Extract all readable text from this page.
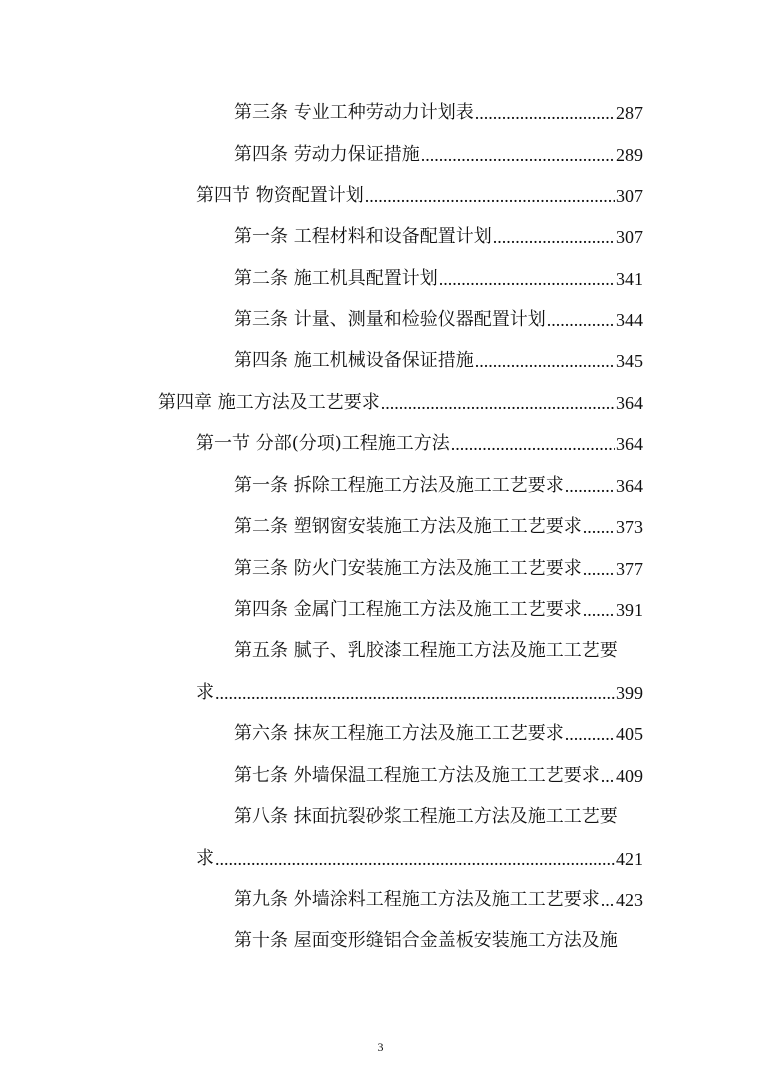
第三条 专业工种劳动力计划表 .....	287
第四条 劳动力保证措施 .....	289
第四节 物资配置计划 .....	307
第一条 工程材料和设备配置计划 .....	307
第二条 施工机具配置计划 .....	341
第三条 计量、测量和检验仪器配置计划 .....	344
第四条 施工机械设备保证措施 .....	345
第四章 施工方法及工艺要求 .....	364
第一节 分部(分项)工程施工方法 .....	364
第一条 拆除工程施工方法及施工工艺要求 .....	364
第二条 塑钢窗安装施工方法及施工工艺要求 ..... 373
第三条 防火门安装施工方法及施工工艺要求 ..... 377
第四条 金属门工程施工方法及施工工艺要求 ..... 391
第五条 腻子、乳胶漆工程施工方法及施工工艺要
求 .....	399
第六条 抹灰工程施工方法及施工工艺要求 .....	405
第七条 外墙保温工程施工方法及施工工艺要求 ..... 409
第八条 抹面抗裂砂浆工程施工方法及施工工艺要
求 .....	421
第九条 外墙涂料工程施工方法及施工工艺要求 ..... 423
第十条 屋面变形缝铝合金盖板安装施工方法及施
3
